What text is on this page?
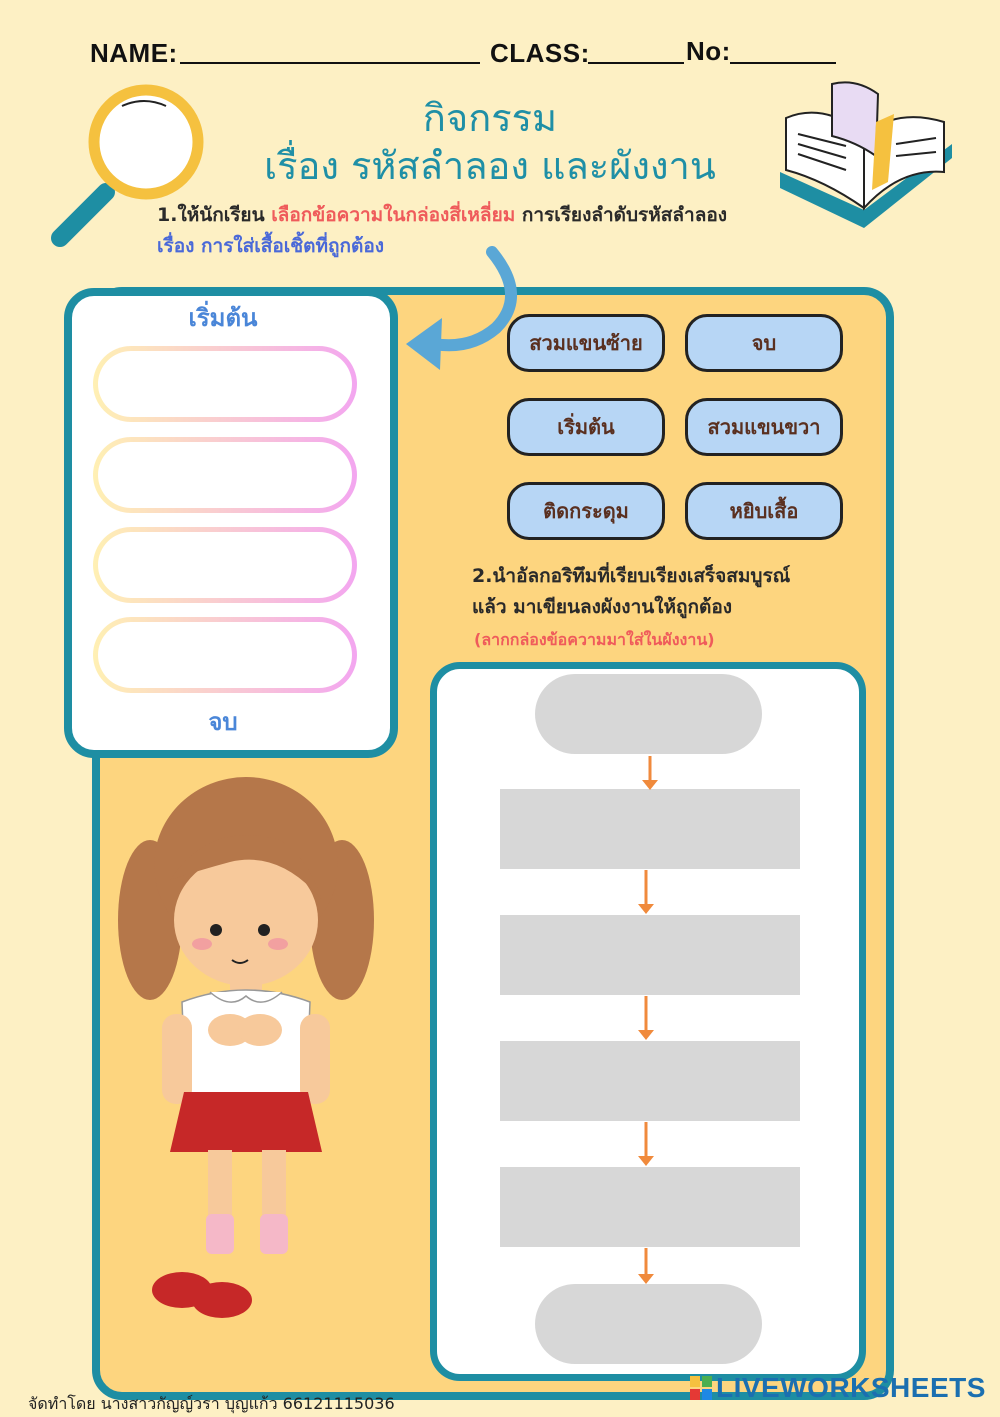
NAME:	CLASS:	No:
กิจกรรม
เรื่อง รหัสลำลอง และผังงาน
1.ให้นักเรียน เลือกข้อความในกล่องสี่เหลี่ยม การเรียงลำดับรหัสลำลอง
เรื่อง การใส่เสื้อเชิ้ตที่ถูกต้อง
เริ่มต้น
จบ
สวมแขนซ้าย	จบ
เริ่มต้น	สวมแขนขวา
ติดกระดุม	หยิบเสื้อ
2.นำอัลกอริทึมที่เรียบเรียงเสร็จสมบูรณ์
แล้ว มาเขียนลงผังงานให้ถูกต้อง
(ลากกล่องข้อความมาใส่ในผังงาน)
จัดทำโดย นางสาวกัญญ์วรา บุญแก้ว 66121115036
LIVEWORKSHEETS
